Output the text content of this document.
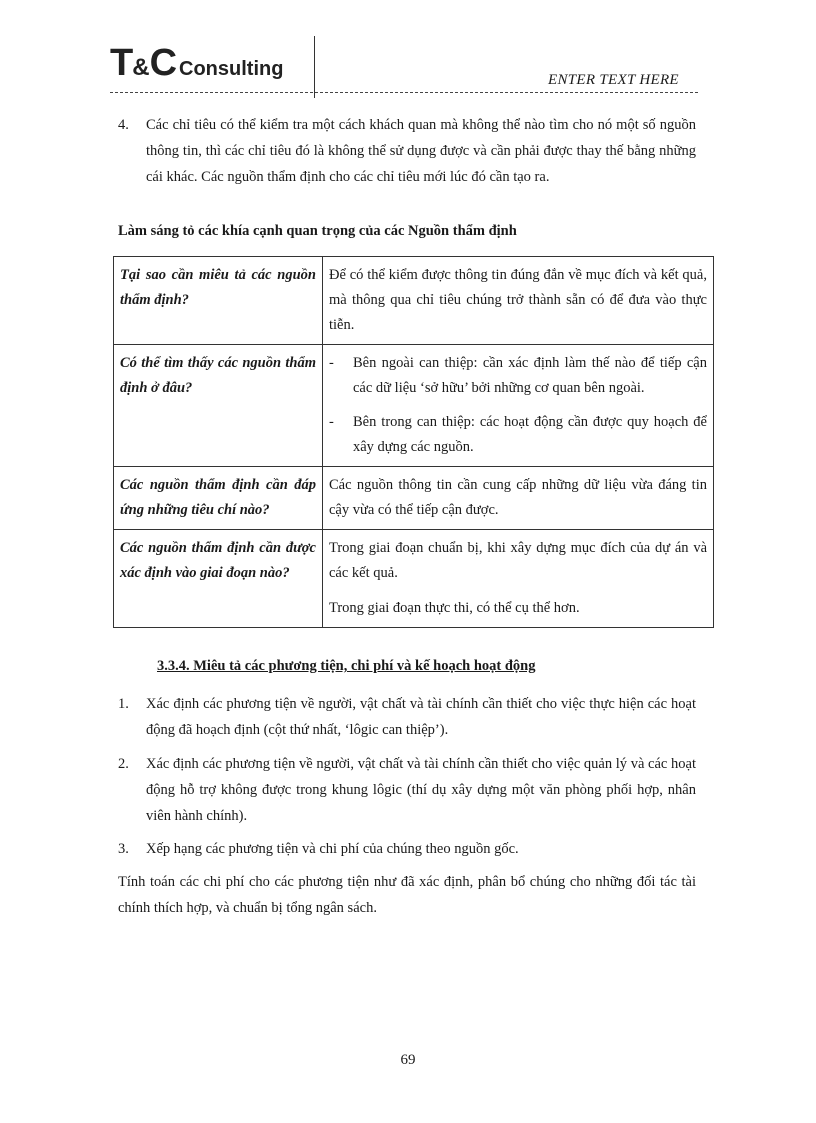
T&C Consulting	ENTER TEXT HERE
4. Các chỉ tiêu có thể kiểm tra một cách khách quan mà không thể nào tìm cho nó một số nguồn thông tin, thì các chỉ tiêu đó là không thể sử dụng được và cần phải được thay thế bằng những cái khác. Các nguồn thẩm định cho các chỉ tiêu mới lúc đó cần tạo ra.
Làm sáng tỏ các khía cạnh quan trọng của các Nguồn thẩm định
Tại sao cần miêu tả các nguồn thẩm định?	Để có thể kiểm được thông tin đúng đắn về mục đích và kết quả, mà thông qua chỉ tiêu chúng trở thành sẵn có để đưa vào thực tiễn.
Có thể tìm thấy các nguồn thẩm định ở đâu?	- Bên ngoài can thiệp: cần xác định làm thế nào để tiếp cận các dữ liệu ‘sở hữu’ bởi những cơ quan bên ngoài.
- Bên trong can thiệp: các hoạt động cần được quy hoạch để xây dựng các nguồn.

Các nguồn thẩm định cần đáp ứng những tiêu chí nào?	Các nguồn thông tin cần cung cấp những dữ liệu vừa đáng tin cậy vừa có thể tiếp cận được.
Các nguồn thẩm định cần được xác định vào giai đoạn nào?	Trong giai đoạn chuẩn bị, khi xây dựng mục đích của dự án và các kết quả.
Trong giai đoạn thực thi, có thể cụ thể hơn.
3.3.4. Miêu tả các phương tiện, chi phí và kế hoạch hoạt động
1. Xác định các phương tiện về người, vật chất và tài chính cần thiết cho việc thực hiện các hoạt động đã hoạch định (cột thứ nhất, ‘lôgic can thiệp’).
2. Xác định các phương tiện về người, vật chất và tài chính cần thiết cho việc quản lý và các hoạt động hỗ trợ không được trong khung lôgic (thí dụ xây dựng một văn phòng phối hợp, nhân viên hành chính).
3. Xếp hạng các phương tiện và chi phí của chúng theo nguồn gốc.
Tính toán các chi phí cho các phương tiện như đã xác định, phân bổ chúng cho những đối tác tài chính thích hợp, và chuẩn bị tổng ngân sách.
69
